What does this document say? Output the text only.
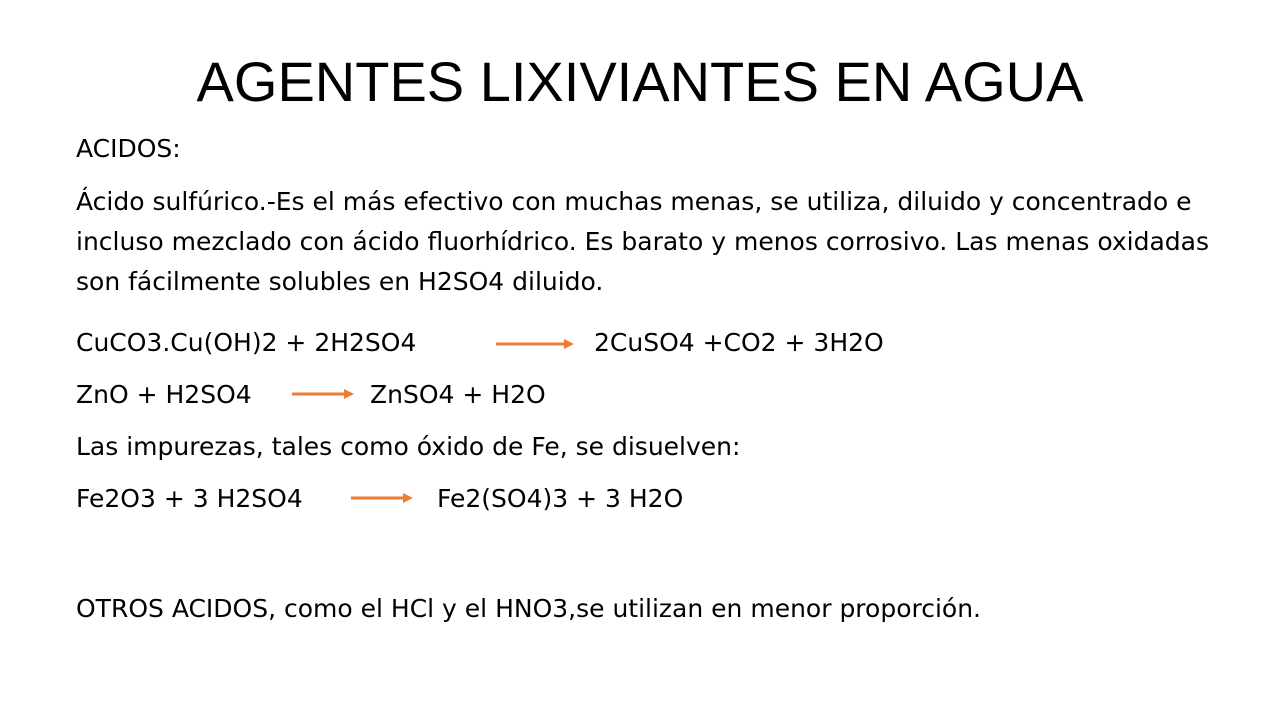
AGENTES LIXIVIANTES EN AGUA
ACIDOS:
Ácido sulfúrico.-Es el más efectivo con muchas menas, se utiliza, diluido y concentrado e incluso mezclado con ácido fluorhídrico. Es barato y menos corrosivo. Las menas oxidadas son fácilmente solubles en H2SO4 diluido.
CuCO3.Cu(OH)2 + 2H2SO4	2CuSO4 +CO2 + 3H2O
ZnO + H2SO4	ZnSO4 + H2O
Las impurezas, tales como óxido de Fe, se disuelven:
Fe2O3 + 3 H2SO4	Fe2(SO4)3 + 3 H2O
OTROS ACIDOS, como el HCl y el HNO3,se utilizan en menor proporción.
